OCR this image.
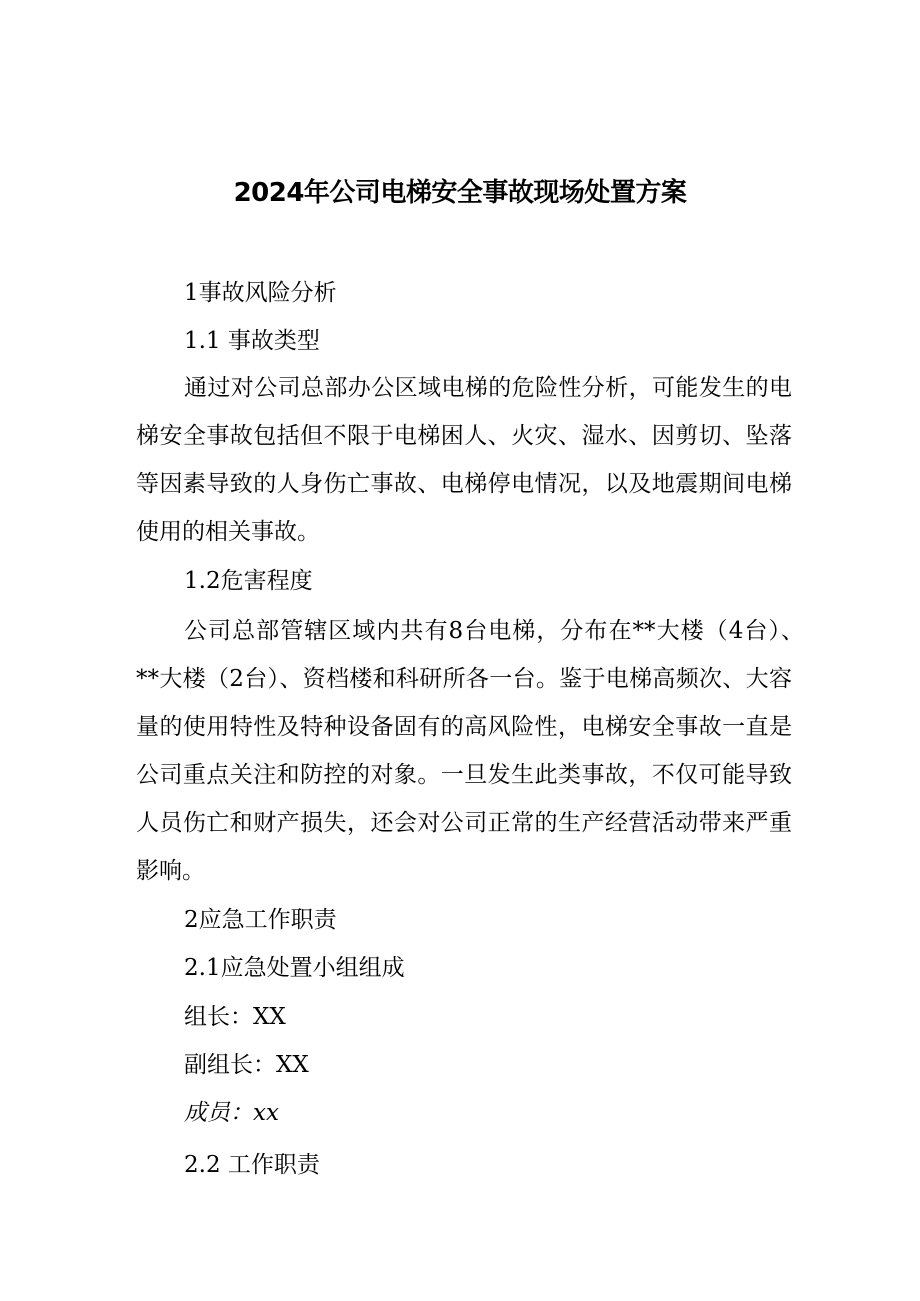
2024年公司电梯安全事故现场处置方案
1事故风险分析
1.1 事故类型
通过对公司总部办公区域电梯的危险性分析，可能发生的电
梯安全事故包括但不限于电梯困人、火灾、湿水、因剪切、坠落
等因素导致的人身伤亡事故、电梯停电情况，以及地震期间电梯
使用的相关事故。
1.2危害程度
公司总部管辖区域内共有8台电梯，分布在**大楼（4台）、
**大楼（2台）、资档楼和科研所各一台。鉴于电梯高频次、大容
量的使用特性及特种设备固有的高风险性，电梯安全事故一直是
公司重点关注和防控的对象。一旦发生此类事故，不仅可能导致
人员伤亡和财产损失，还会对公司正常的生产经营活动带来严重
影响。
2应急工作职责
2.1应急处置小组组成
组长：XX
副组长：XX
成员：xx
2.2 工作职责
